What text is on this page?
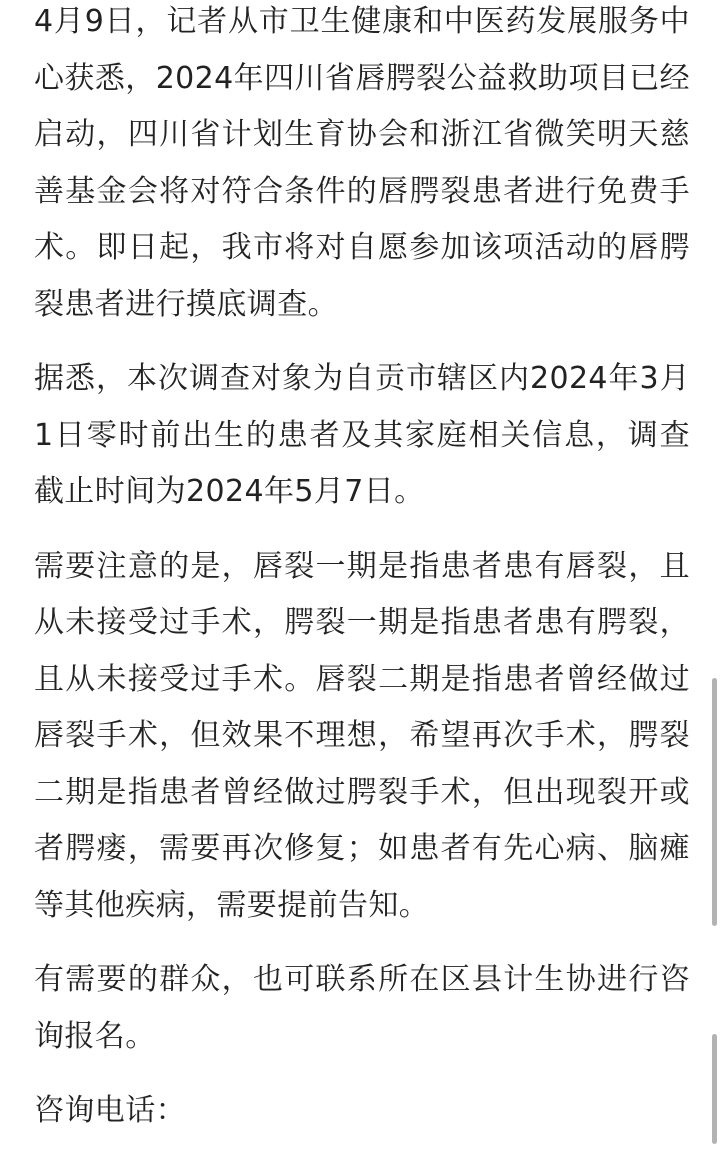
4月9日，记者从市卫生健康和中医药发展服务中心获悉，2024年四川省唇腭裂公益救助项目已经启动，四川省计划生育协会和浙江省微笑明天慈善基金会将对符合条件的唇腭裂患者进行免费手术。即日起，我市将对自愿参加该项活动的唇腭裂患者进行摸底调查。

据悉，本次调查对象为自贡市辖区内2024年3月1日零时前出生的患者及其家庭相关信息，调查截止时间为2024年5月7日。

需要注意的是，唇裂一期是指患者患有唇裂，且从未接受过手术，腭裂一期是指患者患有腭裂，且从未接受过手术。唇裂二期是指患者曾经做过唇裂手术，但效果不理想，希望再次手术，腭裂二期是指患者曾经做过腭裂手术，但出现裂开或者腭瘘，需要再次修复；如患者有先心病、脑瘫等其他疾病，需要提前告知。

有需要的群众，也可联系所在区县计生协进行咨询报名。

咨询电话：
